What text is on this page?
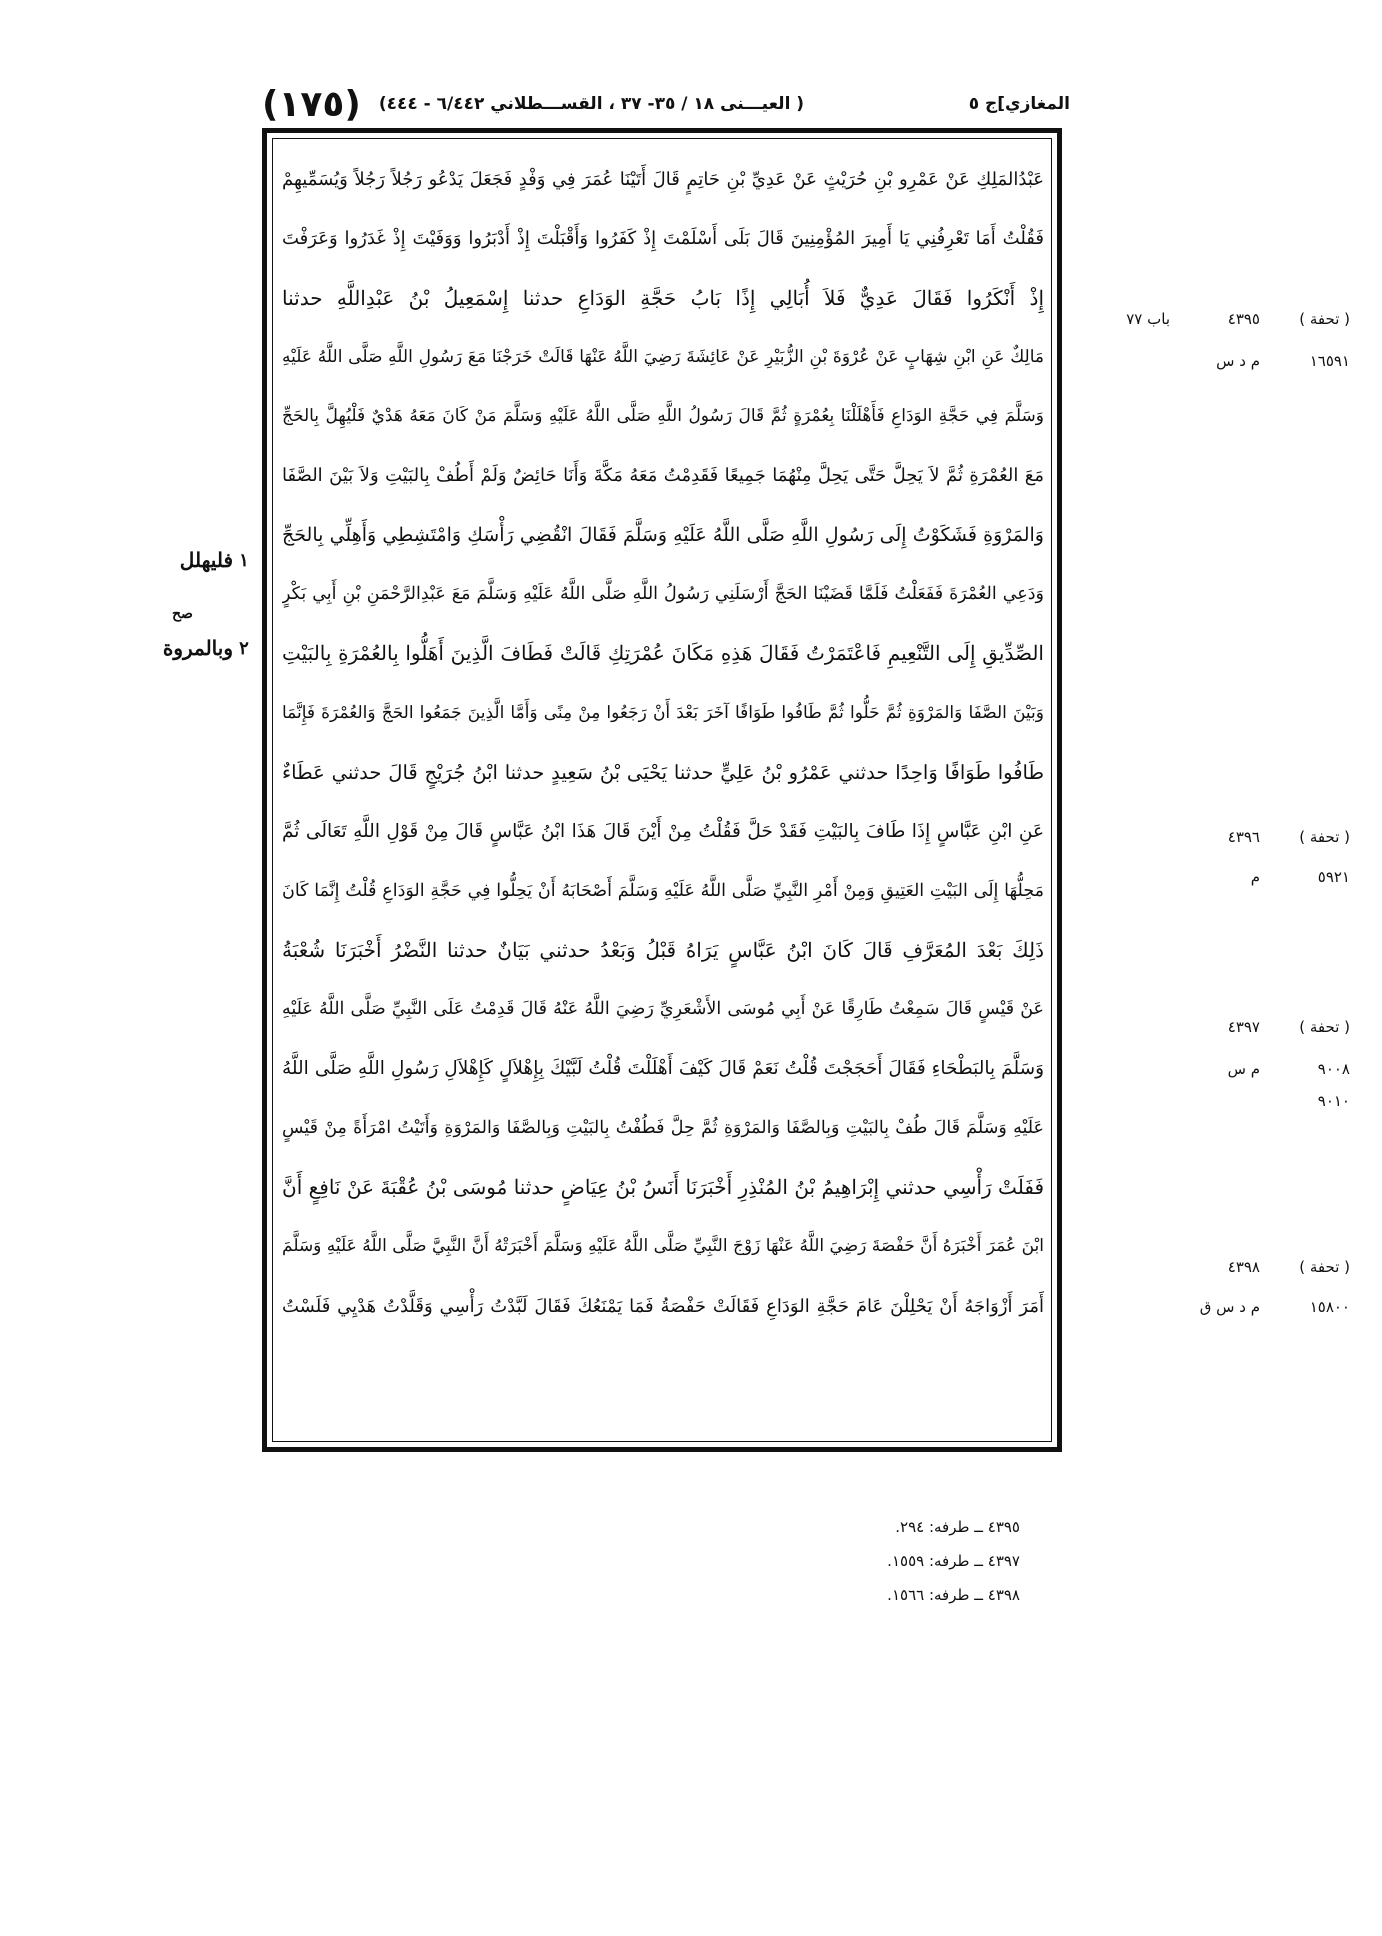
المغازي]ج ٥
( العيـــنى ١٨ / ٣٥- ٣٧ ، القســـطلاني ٦/٤٤٢ - ٤٤٤)
(١٧٥)
عَبْدُالمَلِكِ عَنْ عَمْرِو بْنِ حُرَيْثٍ عَنْ عَدِيِّ بْنِ حَاتِمٍ قَالَ أَتَيْنَا عُمَرَ فِي وَفْدٍ فَجَعَلَ يَدْعُو رَجُلاً رَجُلاً وَيُسَمِّيهِمْ
فَقُلْتُ أَمَا تَعْرِفُنِي يَا أَمِيرَ المُؤْمِنِينَ قَالَ بَلَى أَسْلَمْتَ إِذْ كَفَرُوا وَأَقْبَلْتَ إِذْ أَدْبَرُوا وَوَفَيْتَ إِذْ غَدَرُوا وَعَرَفْتَ
إِذْ أَنْكَرُوا فَقَالَ عَدِيٌّ فَلاَ أُبَالِي إِذًا بَابُ حَجَّةِ الوَدَاعِ حدثنا إِسْمَعِيلُ بْنُ عَبْدِاللَّهِ حدثنا
مَالِكٌ عَنِ ابْنِ شِهَابٍ عَنْ عُرْوَةَ بْنِ الزُّبَيْرِ عَنْ عَائِشَةَ رَضِيَ اللَّهُ عَنْهَا قَالَتْ خَرَجْنَا مَعَ رَسُولِ اللَّهِ صَلَّى اللَّهُ عَلَيْهِ
وَسَلَّمَ فِي حَجَّةِ الوَدَاعِ فَأَهْلَلْنَا بِعُمْرَةٍ ثُمَّ قَالَ رَسُولُ اللَّهِ صَلَّى اللَّهُ عَلَيْهِ وَسَلَّمَ مَنْ كَانَ مَعَهُ هَدْيٌ فَلْيُهِلَّ بِالحَجِّ
مَعَ العُمْرَةِ ثُمَّ لاَ يَحِلَّ حَتَّى يَحِلَّ مِنْهُمَا جَمِيعًا فَقَدِمْتُ مَعَهُ مَكَّةَ وَأَنَا حَائِضٌ وَلَمْ أَطُفْ بِالبَيْتِ وَلاَ بَيْنَ الصَّفَا
وَالمَرْوَةِ فَشَكَوْتُ إِلَى رَسُولِ اللَّهِ صَلَّى اللَّهُ عَلَيْهِ وَسَلَّمَ فَقَالَ انْقُضِي رَأْسَكِ وَامْتَشِطِي وَأَهِلِّي بِالحَجِّ
وَدَعِي العُمْرَةَ فَفَعَلْتُ فَلَمَّا قَضَيْنَا الحَجَّ أَرْسَلَنِي رَسُولُ اللَّهِ صَلَّى اللَّهُ عَلَيْهِ وَسَلَّمَ مَعَ عَبْدِالرَّحْمَنِ بْنِ أَبِي بَكْرٍ
الصِّدِّيقِ إِلَى التَّنْعِيمِ فَاعْتَمَرْتُ فَقَالَ هَذِهِ مَكَانَ عُمْرَتِكِ قَالَتْ فَطَافَ الَّذِينَ أَهَلُّوا بِالعُمْرَةِ بِالبَيْتِ
وَبَيْنَ الصَّفَا وَالمَرْوَةِ ثُمَّ حَلُّوا ثُمَّ طَافُوا طَوَافًا آخَرَ بَعْدَ أَنْ رَجَعُوا مِنْ مِنًى وَأَمَّا الَّذِينَ جَمَعُوا الحَجَّ وَالعُمْرَةَ فَإِنَّمَا
طَافُوا طَوَافًا وَاحِدًا حدثني عَمْرُو بْنُ عَلِيٍّ حدثنا يَحْيَى بْنُ سَعِيدٍ حدثنا ابْنُ جُرَيْجٍ قَالَ حدثني عَطَاءٌ
عَنِ ابْنِ عَبَّاسٍ إِذَا طَافَ بِالبَيْتِ فَقَدْ حَلَّ فَقُلْتُ مِنْ أَيْنَ قَالَ هَذَا ابْنُ عَبَّاسٍ قَالَ مِنْ قَوْلِ اللَّهِ تَعَالَى ثُمَّ
مَحِلُّهَا إِلَى البَيْتِ العَتِيقِ وَمِنْ أَمْرِ النَّبِيِّ صَلَّى اللَّهُ عَلَيْهِ وَسَلَّمَ أَصْحَابَهُ أَنْ يَحِلُّوا فِي حَجَّةِ الوَدَاعِ قُلْتُ إِنَّمَا كَانَ
ذَلِكَ بَعْدَ المُعَرَّفِ قَالَ كَانَ ابْنُ عَبَّاسٍ يَرَاهُ قَبْلُ وَبَعْدُ حدثني بَيَانٌ حدثنا النَّضْرُ أَخْبَرَنَا شُعْبَةُ
عَنْ قَيْسٍ قَالَ سَمِعْتُ طَارِقًا عَنْ أَبِي مُوسَى الأَشْعَرِيِّ رَضِيَ اللَّهُ عَنْهُ قَالَ قَدِمْتُ عَلَى النَّبِيِّ صَلَّى اللَّهُ عَلَيْهِ
وَسَلَّمَ بِالبَطْحَاءِ فَقَالَ أَحَجَجْتَ قُلْتُ نَعَمْ قَالَ كَيْفَ أَهْلَلْتَ قُلْتُ لَبَّيْكَ بِإِهْلاَلٍ كَإِهْلاَلِ رَسُولِ اللَّهِ صَلَّى اللَّهُ
عَلَيْهِ وَسَلَّمَ قَالَ طُفْ بِالبَيْتِ وَبِالصَّفَا وَالمَرْوَةِ ثُمَّ حِلَّ فَطُفْتُ بِالبَيْتِ وَبِالصَّفَا وَالمَرْوَةِ وَأَتَيْتُ امْرَأَةً مِنْ قَيْسٍ
فَفَلَتْ رَأْسِي حدثني إِبْرَاهِيمُ بْنُ المُنْذِرِ أَخْبَرَنَا أَنَسُ بْنُ عِيَاضٍ حدثنا مُوسَى بْنُ عُقْبَةَ عَنْ نَافِعٍ أَنَّ
ابْنَ عُمَرَ أَخْبَرَهُ أَنَّ حَفْصَةَ رَضِيَ اللَّهُ عَنْهَا زَوْجَ النَّبِيِّ صَلَّى اللَّهُ عَلَيْهِ وَسَلَّمَ أَخْبَرَتْهُ أَنَّ النَّبِيَّ صَلَّى اللَّهُ عَلَيْهِ وَسَلَّمَ
أَمَرَ أَزْوَاجَهُ أَنْ يَحْلِلْنَ عَامَ حَجَّةِ الوَدَاعِ فَقَالَتْ حَفْصَةُ فَمَا يَمْنَعُكَ فَقَالَ لَبَّدْتُ رَأْسِي وَقَلَّدْتُ هَدْيِي فَلَسْتُ
( تحفة )
٤٣٩٥
باب ٧٧
١٦٥٩١
م د س
( تحفة )
٤٣٩٦
٥٩٢١
م
( تحفة )
٤٣٩٧
٩٠٠٨
م س
٩٠١٠
( تحفة )
٤٣٩٨
١٥٨٠٠
م د س ق
١
فليهلل
صح
٢
وبالمروة
٤٣٩٥ ــ طرفه: ٢٩٤.
٤٣٩٧ ــ طرفه: ١٥٥٩.
٤٣٩٨ ــ طرفه: ١٥٦٦.
